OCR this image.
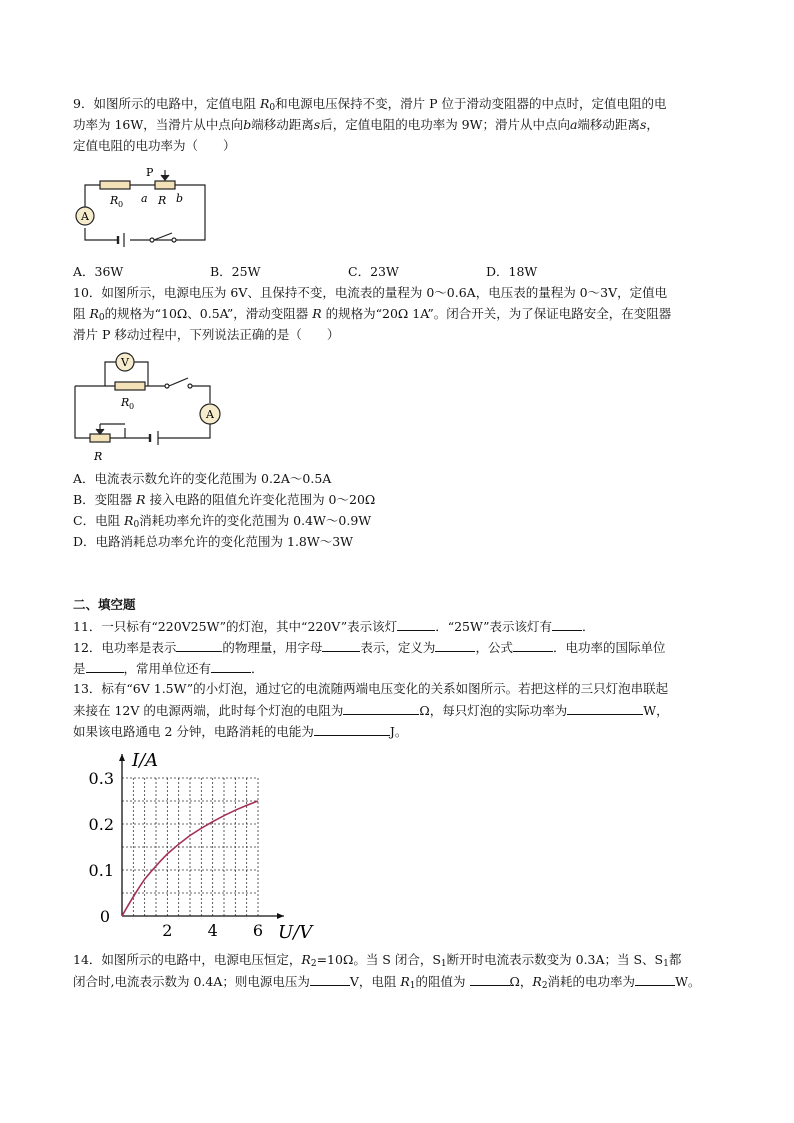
9．如图所示的电路中，定值电阻 $R_0$和电源电压保持不变，滑片 P 位于滑动变阻器的中点时，定值电阻的电
功率为 16W，当滑片从中点向b端移动距离s后，定值电阻的电功率为 9W；滑片从中点向a端移动距离s，
定值电阻的电功率为（　　）
A
R 0
P
a R b
A．36W	B．25W	C．23W	D．18W
10．如图所示，电源电压为 6V、且保持不变，电流表的量程为 0～0.6A，电压表的量程为 0～3V，定值电
阻 $R_0$的规格为“10Ω、0.5A”，滑动变阻器 R 的规格为“20Ω 1A”。闭合开关，为了保证电路安全，在变阻器
滑片 P 移动过程中，下列说法正确的是（　　）
V
A
R 0
R
A．电流表示数允许的变化范围为 0.2A～0.5A
B．变阻器 R 接入电路的阻值允许变化范围为 0～20Ω
C．电阻 $R_0$消耗功率允许的变化范围为 0.4W～0.9W
D．电路消耗总功率允许的变化范围为 1.8W～3W
二、填空题
11．一只标有“220V25W”的灯泡，其中“220V”表示该灯	．“25W”表示该灯有 ．
12．电功率是表示	的物理量，用字母	表示，定义为	，公式	．电功率的国际单位
是	，常用单位还有	．
13．标有“6V 1.5W”的小灯泡，通过它的电流随两端电压变化的关系如图所示。若把这样的三只灯泡串联起
来接在 12V 的电源两端，此时每个灯泡的电阻为	Ω，每只灯泡的实际功率为	W，
如果该电路通电 2 分钟，电路消耗的电能为	J。
2 4 6
0.1
0.2
0.3
0
I/A
U/V
14．如图所示的电路中，电源电压恒定，$R_2=10\Omega$。当 S 闭合，$S_1$断开时电流表示数变为 0.3A；当 S、$S_1$都
闭合时,电流表示数为 0.4A；则电源电压为	V，电阻 $R_1$的阻值为	Ω，$R_2$消耗的电功率为	W。
